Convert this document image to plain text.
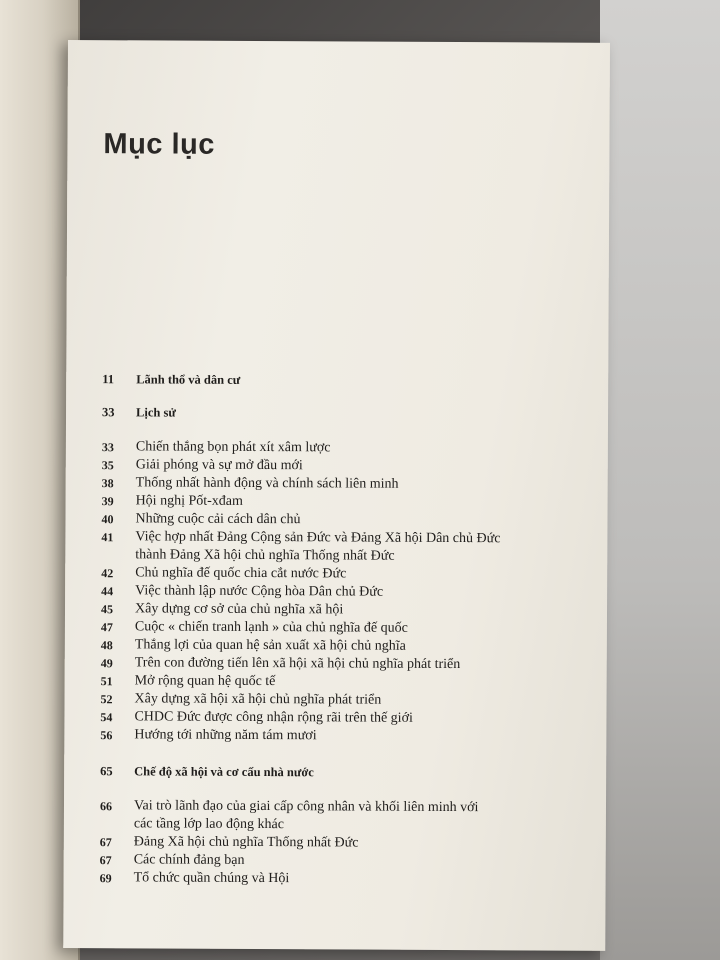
Mục lục
11	Lãnh thổ và dân cư
33	Lịch sử
33	Chiến thắng bọn phát xít xâm lược
35	Giải phóng và sự mở đầu mới
38	Thống nhất hành động và chính sách liên minh
39	Hội nghị Pốt-xđam
40	Những cuộc cải cách dân chủ
41	Việc hợp nhất Đảng Cộng sản Đức và Đảng Xã hội Dân chủ Đức
thành Đảng Xã hội chủ nghĩa Thống nhất Đức
42	Chủ nghĩa đế quốc chia cắt nước Đức
44	Việc thành lập nước Cộng hòa Dân chủ Đức
45	Xây dựng cơ sở của chủ nghĩa xã hội
47	Cuộc « chiến tranh lạnh » của chủ nghĩa đế quốc
48	Thắng lợi của quan hệ sản xuất xã hội chủ nghĩa
49	Trên con đường tiến lên xã hội xã hội chủ nghĩa phát triển
51	Mở rộng quan hệ quốc tế
52	Xây dựng xã hội xã hội chủ nghĩa phát triển
54	CHDC Đức được công nhận rộng rãi trên thế giới
56	Hướng tới những năm tám mươi
65	Chế độ xã hội và cơ cấu nhà nước
66	Vai trò lãnh đạo của giai cấp công nhân và khối liên minh với
các tầng lớp lao động khác
67	Đảng Xã hội chủ nghĩa Thống nhất Đức
67	Các chính đảng bạn
69	Tổ chức quần chúng và Hội
